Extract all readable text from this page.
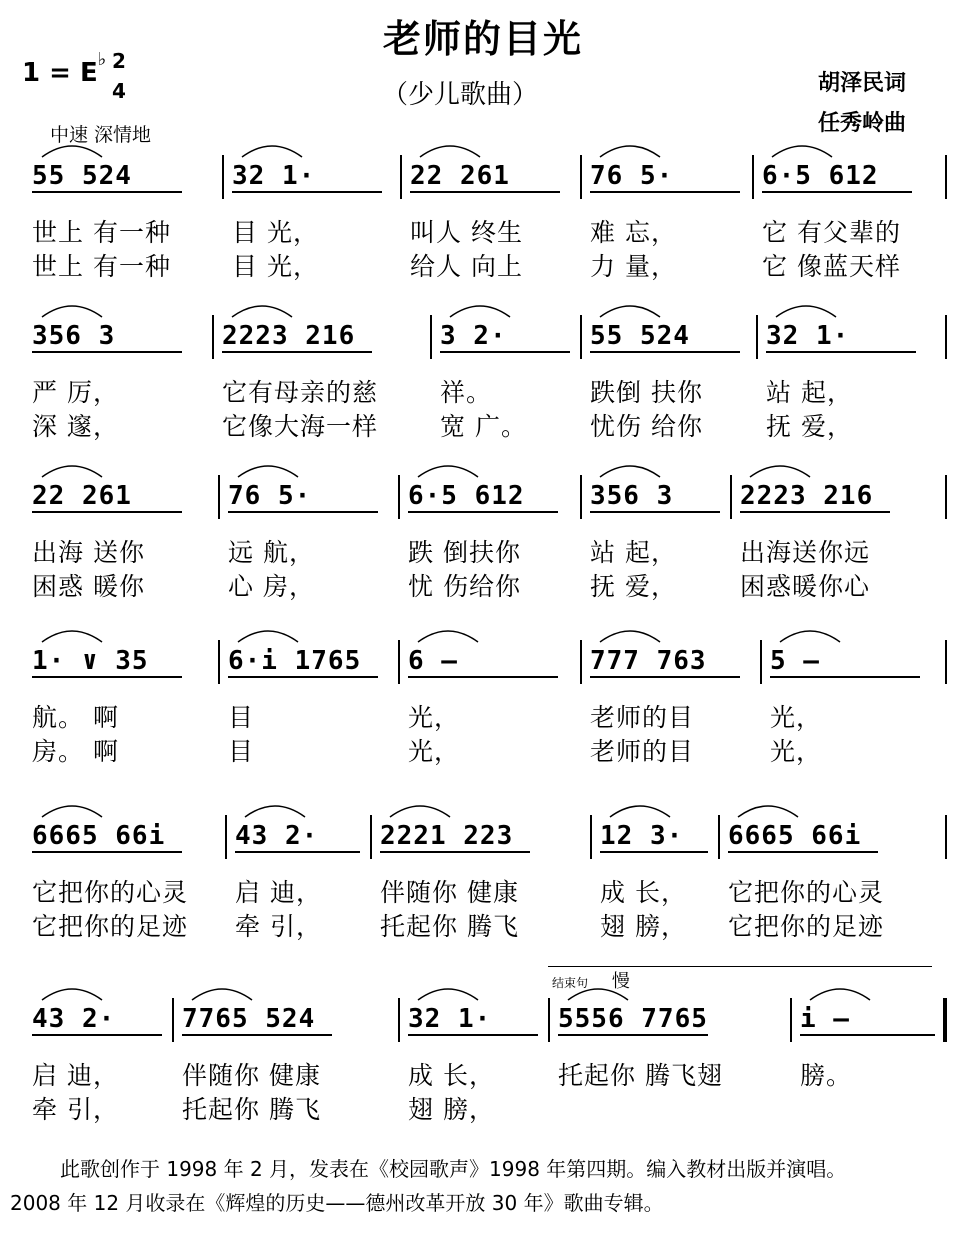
老师的目光
（少儿歌曲）
1 = E♭ 2
4
中速 深情地
胡泽民词
任秀岭曲
结束句 慢
55 524
世上 有一种
世上 有一种
32 1·
目 光，
目 光，
22 261
叫人 终生
给人 向上
76 5·
难 忘，
力 量，
6·5 612
它 有父辈的
它 像蓝天样
356 3
严 厉，
深 邃，
2223 216
它有母亲的慈
它像大海一样
3 2·
祥。
宽 广。
55 524
跌倒 扶你
忧伤 给你
32 1·
站 起，
抚 爱，
22 261
出海 送你
困惑 暖你
76 5·
远 航，
心 房，
6·5 612
跌 倒扶你
忧 伤给你
356 3
站 起，
抚 爱，
2223 216
出海送你远
困惑暖你心
1· ∨ 35
航。 啊
房。 啊
6·i 1765
目
目
6 –
光，
光，
777 763
老师的目
老师的目
5 –
光，
光，
6665 66i
它把你的心灵
它把你的足迹
43 2·
启 迪，
牵 引，
2221 223
伴随你 健康
托起你 腾飞
12 3·
成 长，
翅 膀，
6665 66i
它把你的心灵
它把你的足迹
43 2·
启 迪，
牵 引，
7765 524
伴随你 健康
托起你 腾飞
32 1·
成 长，
翅 膀，
5556 7765
托起你 腾飞翅
i –
膀。
此歌创作于 1998 年 2 月，发表在《校园歌声》1998 年第四期。编入教材出版并演唱。
2008 年 12 月收录在《辉煌的历史——德州改革开放 30 年》歌曲专辑。
